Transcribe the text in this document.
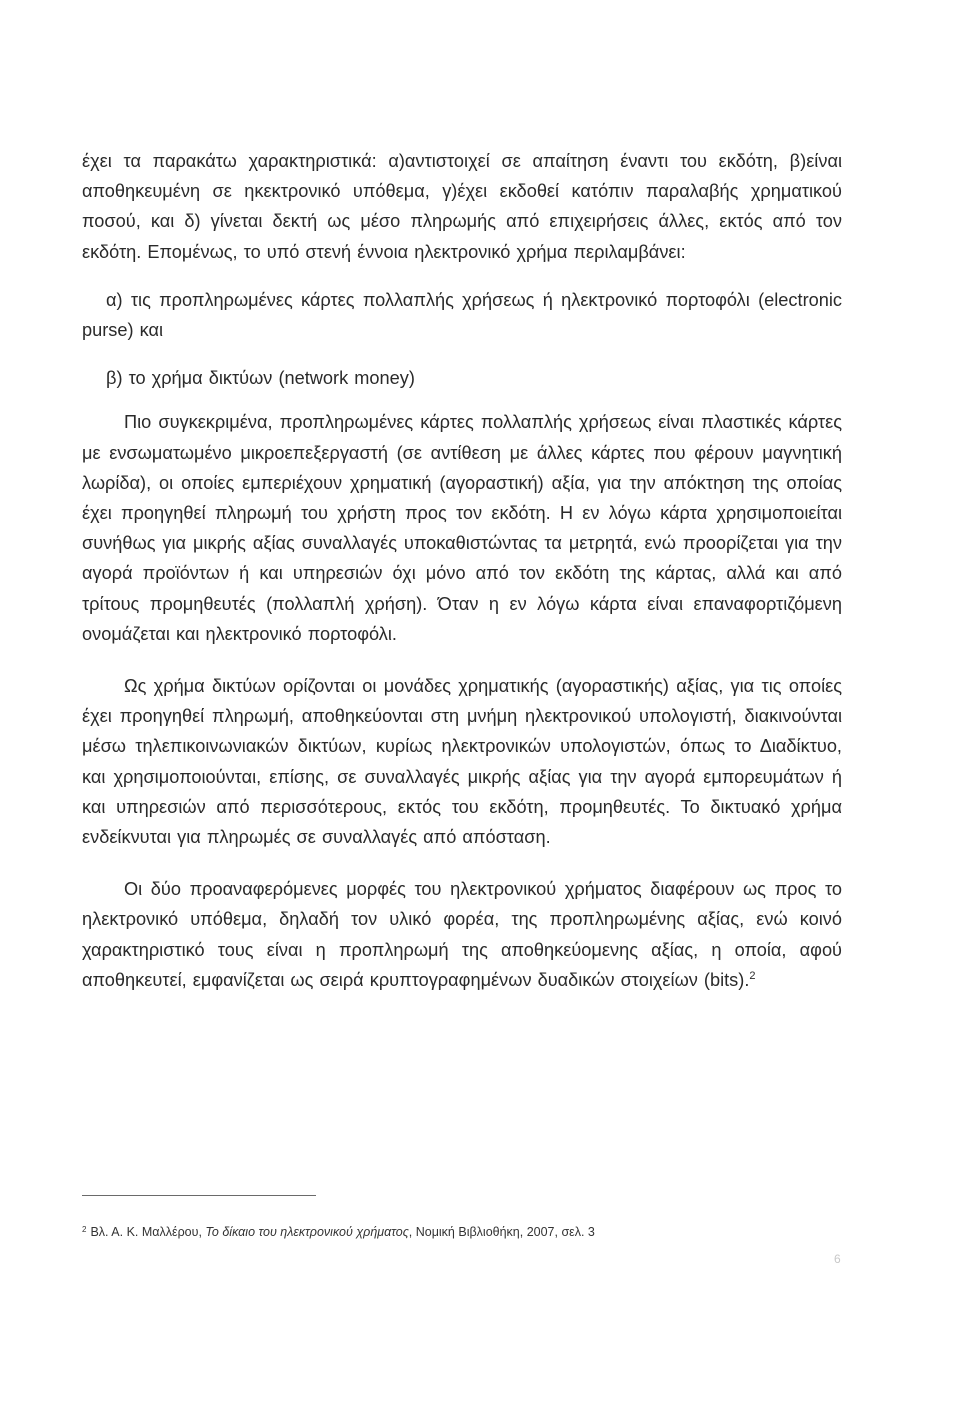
έχει τα παρακάτω χαρακτηριστικά: α)αντιστοιχεί σε απαίτηση έναντι του εκδότη, β)είναι αποθηκευμένη σε ηκεκτρονικό υπόθεμα, γ)έχει εκδοθεί κατόπιν παραλαβής χρηματικού ποσού, και δ) γίνεται δεκτή ως μέσο πληρωμής από επιχειρήσεις άλλες, εκτός από τον εκδότη. Επομένως, το υπό στενή έννοια ηλεκτρονικό χρήμα περιλαμβάνει:

α) τις προπληρωμένες κάρτες πολλαπλής χρήσεως ή ηλεκτρονικό πορτοφόλι (electronic purse) και

β) το χρήμα δικτύων (network money)

Πιο συγκεκριμένα, προπληρωμένες κάρτες πολλαπλής χρήσεως είναι πλαστικές κάρτες με ενσωματωμένο μικροεπεξεργαστή (σε αντίθεση με άλλες κάρτες που φέρουν μαγνητική λωρίδα), οι οποίες εμπεριέχουν χρηματική (αγοραστική) αξία, για την απόκτηση της οποίας έχει προηγηθεί πληρωμή του χρήστη προς τον εκδότη. Η εν λόγω κάρτα χρησιμοποιείται συνήθως για μικρής αξίας συναλλαγές υποκαθιστώντας τα μετρητά, ενώ προορίζεται για την αγορά προϊόντων ή και υπηρεσιών όχι μόνο από τον εκδότη της κάρτας, αλλά και από τρίτους προμηθευτές (πολλαπλή χρήση). Όταν η εν λόγω κάρτα είναι επαναφορτιζόμενη ονομάζεται και ηλεκτρονικό πορτοφόλι.

Ως χρήμα δικτύων ορίζονται οι μονάδες χρηματικής (αγοραστικής) αξίας, για τις οποίες έχει προηγηθεί πληρωμή, αποθηκεύονται στη μνήμη ηλεκτρονικού υπολογιστή, διακινούνται μέσω τηλεπικοινωνιακών δικτύων, κυρίως ηλεκτρονικών υπολογιστών, όπως το Διαδίκτυο, και χρησιμοποιούνται, επίσης, σε συναλλαγές μικρής αξίας για την αγορά εμπορευμάτων ή και υπηρεσιών από περισσότερους, εκτός του εκδότη, προμηθευτές. Το δικτυακό χρήμα ενδείκνυται για πληρωμές σε συναλλαγές από απόσταση.

Οι δύο προαναφερόμενες μορφές του ηλεκτρονικού χρήματος διαφέρουν ως προς το ηλεκτρονικό υπόθεμα, δηλαδή τον υλικό φορέα, της προπληρωμένης αξίας, ενώ κοινό χαρακτηριστικό τους είναι η προπληρωμή της αποθηκεύομενης αξίας, η οποία, αφού αποθηκευτεί, εμφανίζεται ως σειρά κρυπτογραφημένων δυαδικών στοιχείων (bits).$^2$

$^2$ Βλ. Α. Κ. Μαλλέρου, Το δίκαιο του ηλεκτρονικού χρήματος, Νομική Βιβλιοθήκη, 2007, σελ. 3
6
